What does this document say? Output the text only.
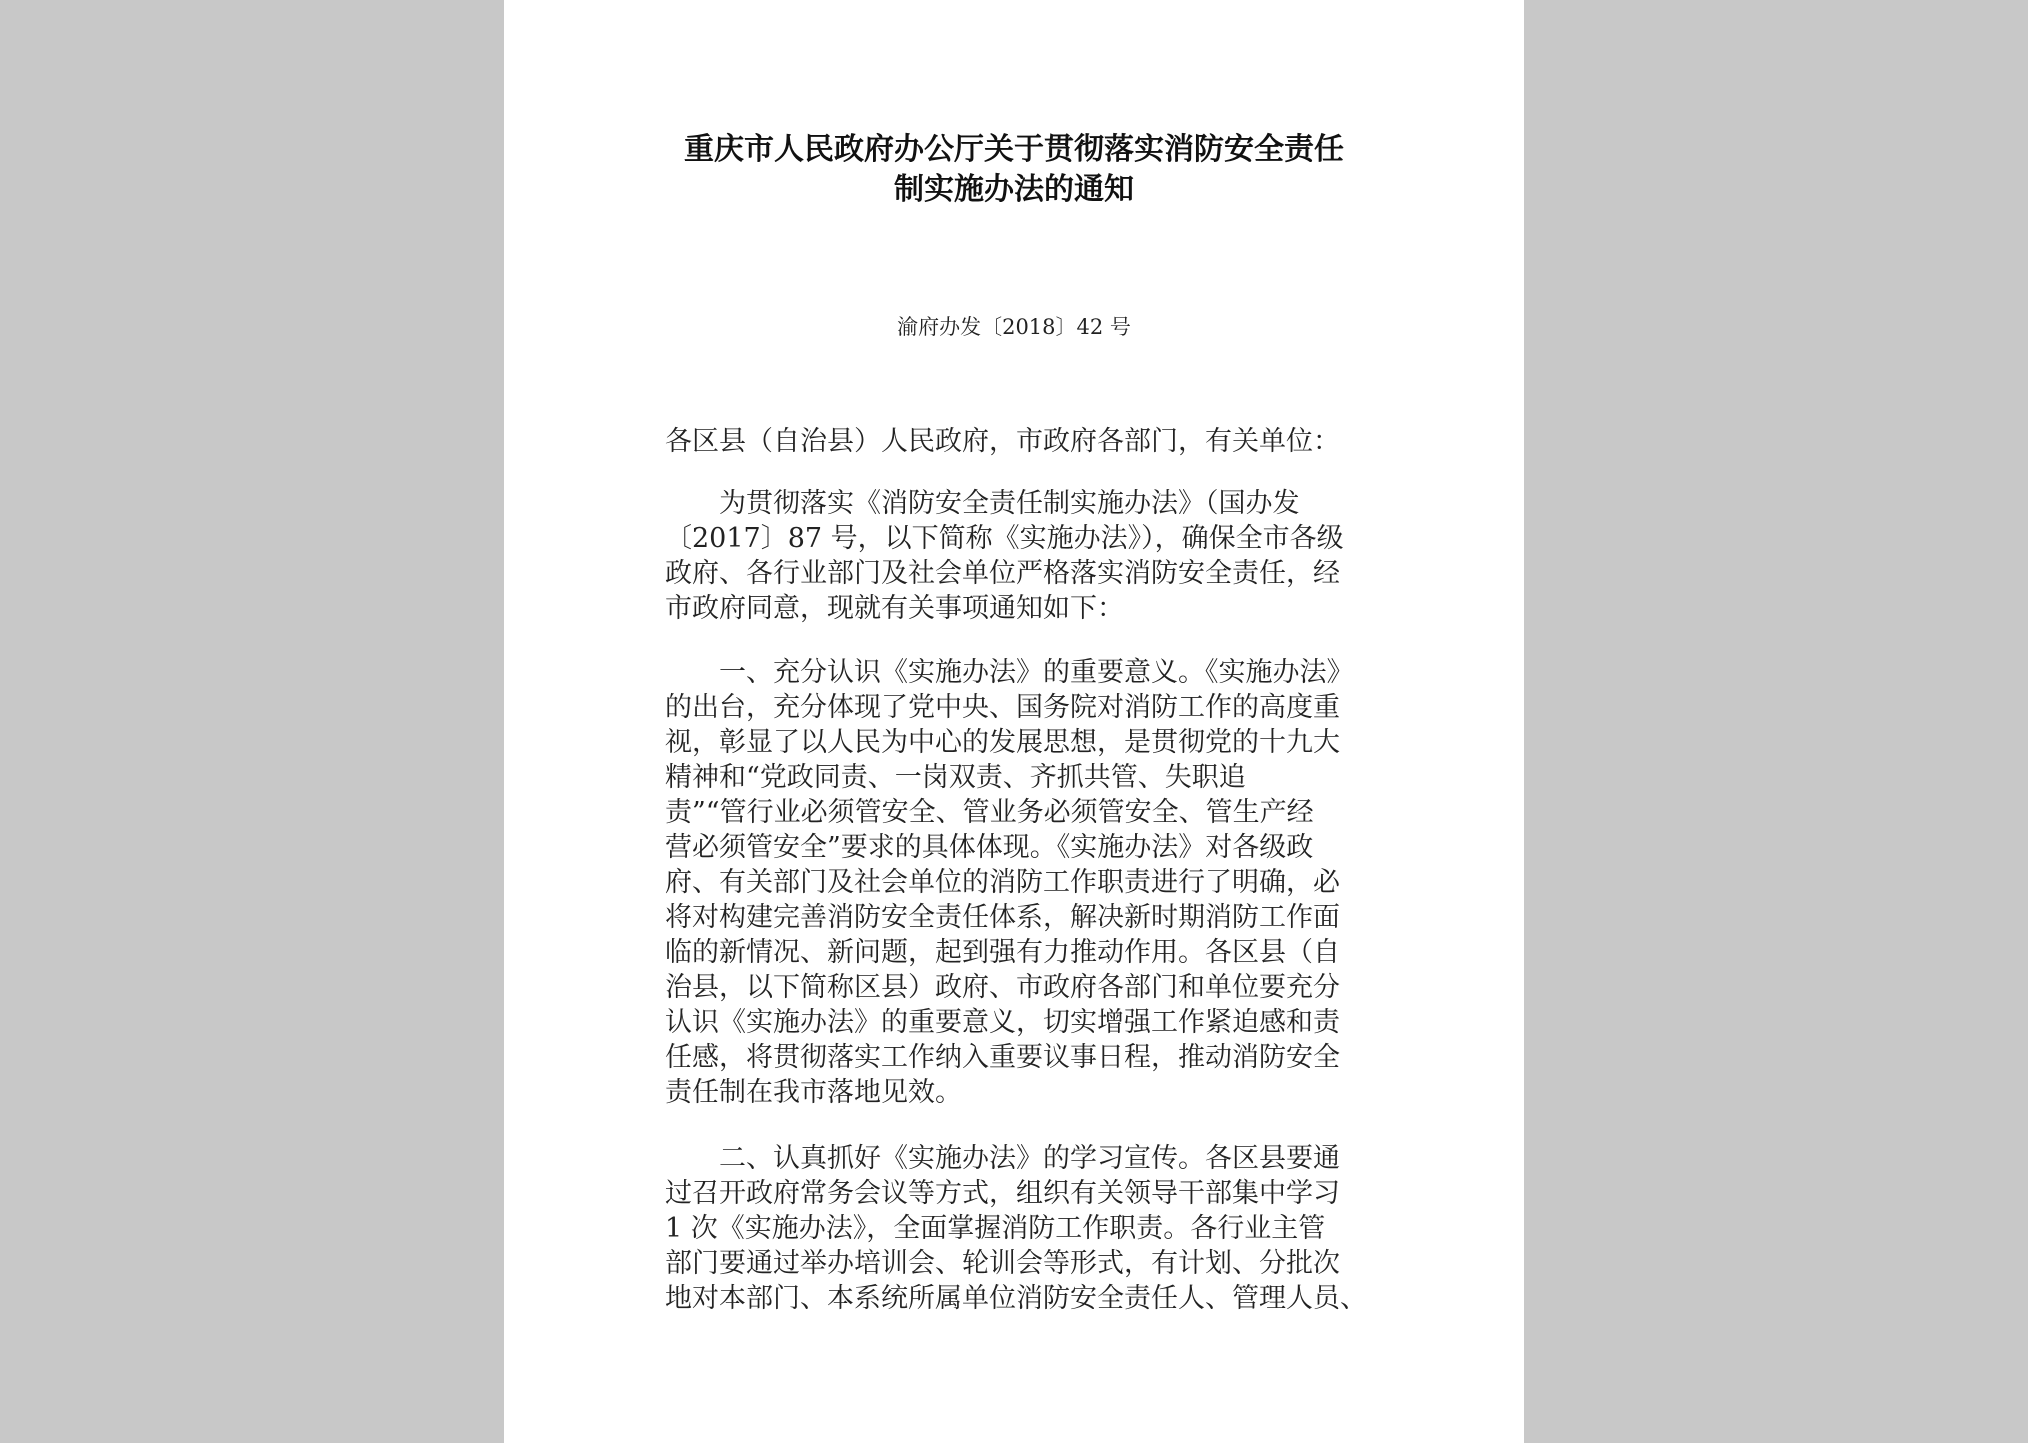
重庆市人民政府办公厅关于贯彻落实消防安全责任
制实施办法的通知
渝府办发〔2018〕42 号

各区县（自治县）人民政府，市政府各部门，有关单位：

　　为贯彻落实《消防安全责任制实施办法》（国办发
〔2017〕87 号，以下简称《实施办法》），确保全市各级
政府、各行业部门及社会单位严格落实消防安全责任，经
市政府同意，现就有关事项通知如下：

　　一、充分认识《实施办法》的重要意义。《实施办法》
的出台，充分体现了党中央、国务院对消防工作的高度重
视，彰显了以人民为中心的发展思想，是贯彻党的十九大
精神和“党政同责、一岗双责、齐抓共管、失职追
责”“管行业必须管安全、管业务必须管安全、管生产经
营必须管安全”要求的具体体现。《实施办法》对各级政
府、有关部门及社会单位的消防工作职责进行了明确，必
将对构建完善消防安全责任体系，解决新时期消防工作面
临的新情况、新问题，起到强有力推动作用。各区县（自
治县，以下简称区县）政府、市政府各部门和单位要充分
认识《实施办法》的重要意义，切实增强工作紧迫感和责
任感，将贯彻落实工作纳入重要议事日程，推动消防安全
责任制在我市落地见效。

　　二、认真抓好《实施办法》的学习宣传。各区县要通
过召开政府常务会议等方式，组织有关领导干部集中学习
1 次《实施办法》，全面掌握消防工作职责。各行业主管
部门要通过举办培训会、轮训会等形式，有计划、分批次
地对本部门、本系统所属单位消防安全责任人、管理人员、
